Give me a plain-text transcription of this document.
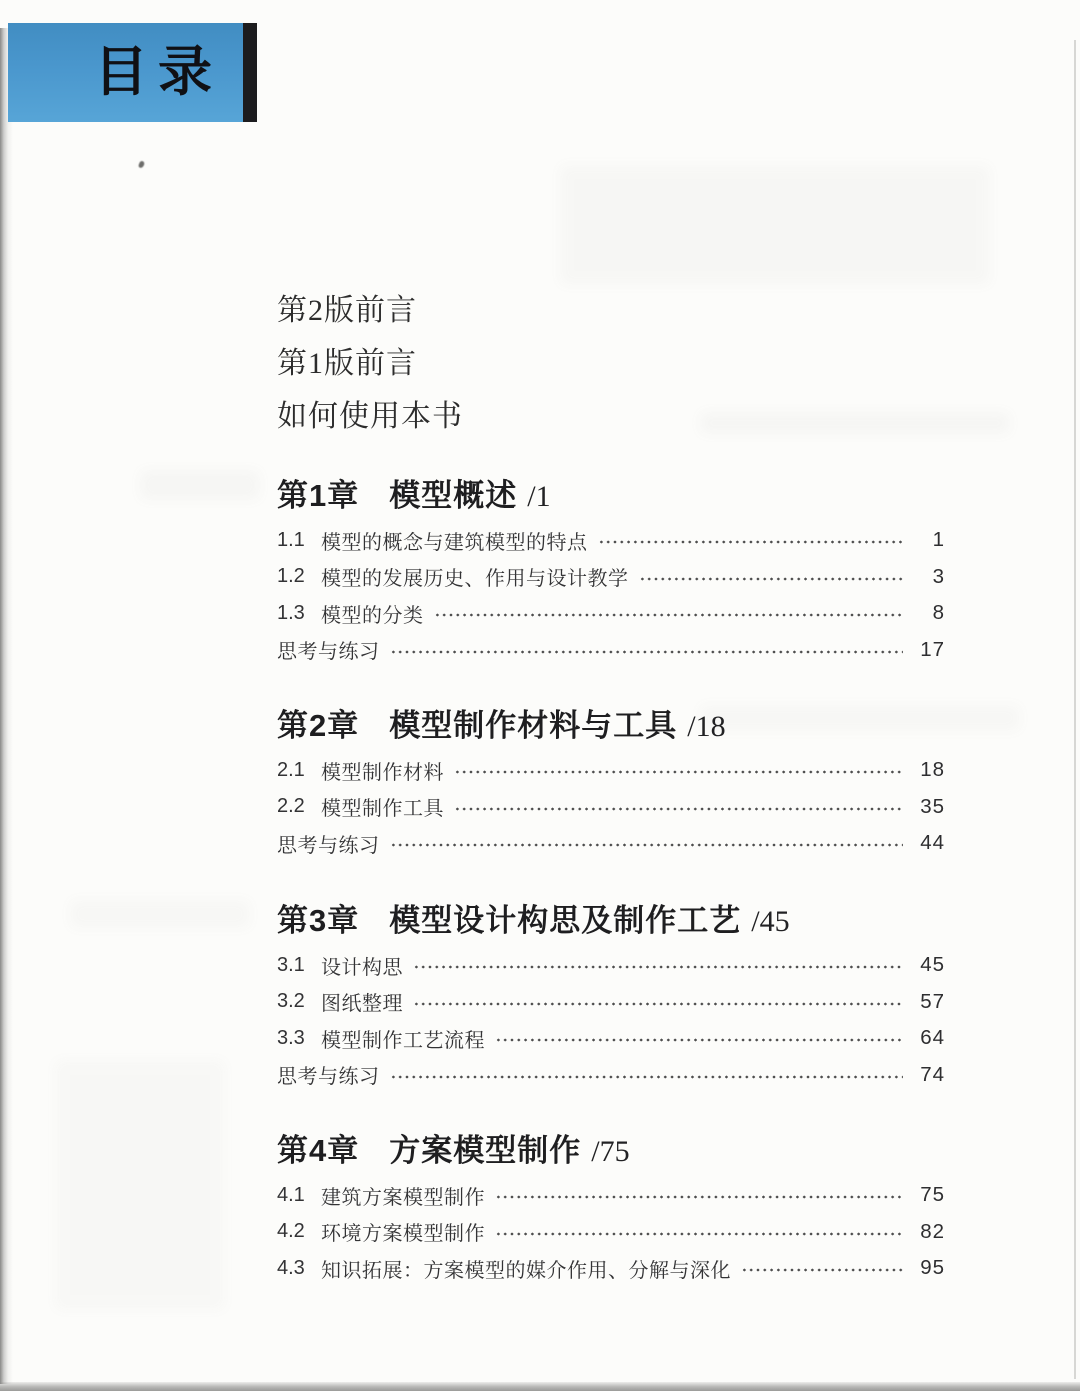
目录
第2版前言
第1版前言
如何使用本书
第1章 模型概述 /1
1.1 模型的概念与建筑模型的特点	1
1.2 模型的发展历史、作用与设计教学	3
1.3 模型的分类	8
思考与练习	17
第2章 模型制作材料与工具 /18
2.1 模型制作材料	18
2.2 模型制作工具	35
思考与练习	44
第3章 模型设计构思及制作工艺 /45
3.1 设计构思	45
3.2 图纸整理	57
3.3 模型制作工艺流程	64
思考与练习	74
第4章 方案模型制作 /75
4.1 建筑方案模型制作	75
4.2 环境方案模型制作	82
4.3 知识拓展：方案模型的媒介作用、分解与深化	95
